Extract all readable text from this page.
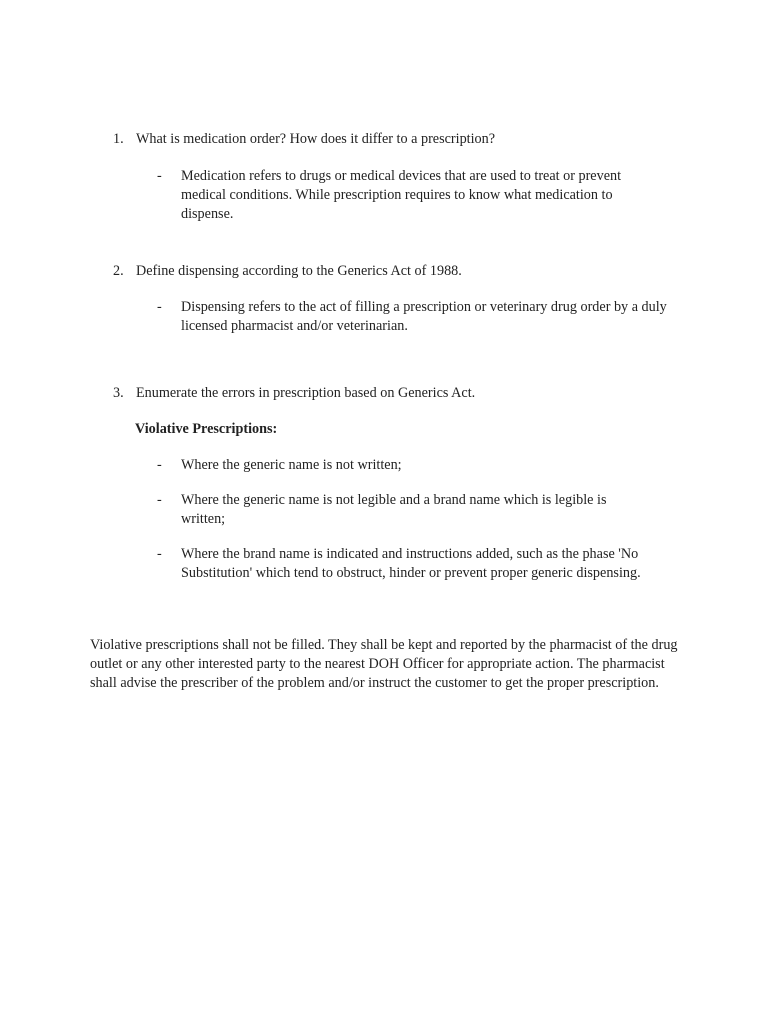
1. What is medication order? How does it differ to a prescription?
-	Medication refers to drugs or medical devices that are used to treat or prevent medical conditions. While prescription requires to know what medication to dispense.
2. Define dispensing according to the Generics Act of 1988.
-	Dispensing refers to the act of filling a prescription or veterinary drug order by a duly licensed pharmacist and/or veterinarian.
3. Enumerate the errors in prescription based on Generics Act.
Violative Prescriptions:
-	Where the generic name is not written;
-	Where the generic name is not legible and a brand name which is legible is written;
-	Where the brand name is indicated and instructions added, such as the phase 'No Substitution' which tend to obstruct, hinder or prevent proper generic dispensing.
Violative prescriptions shall not be filled. They shall be kept and reported by the pharmacist of the drug outlet or any other interested party to the nearest DOH Officer for appropriate action. The pharmacist shall advise the prescriber of the problem and/or instruct the customer to get the proper prescription.
